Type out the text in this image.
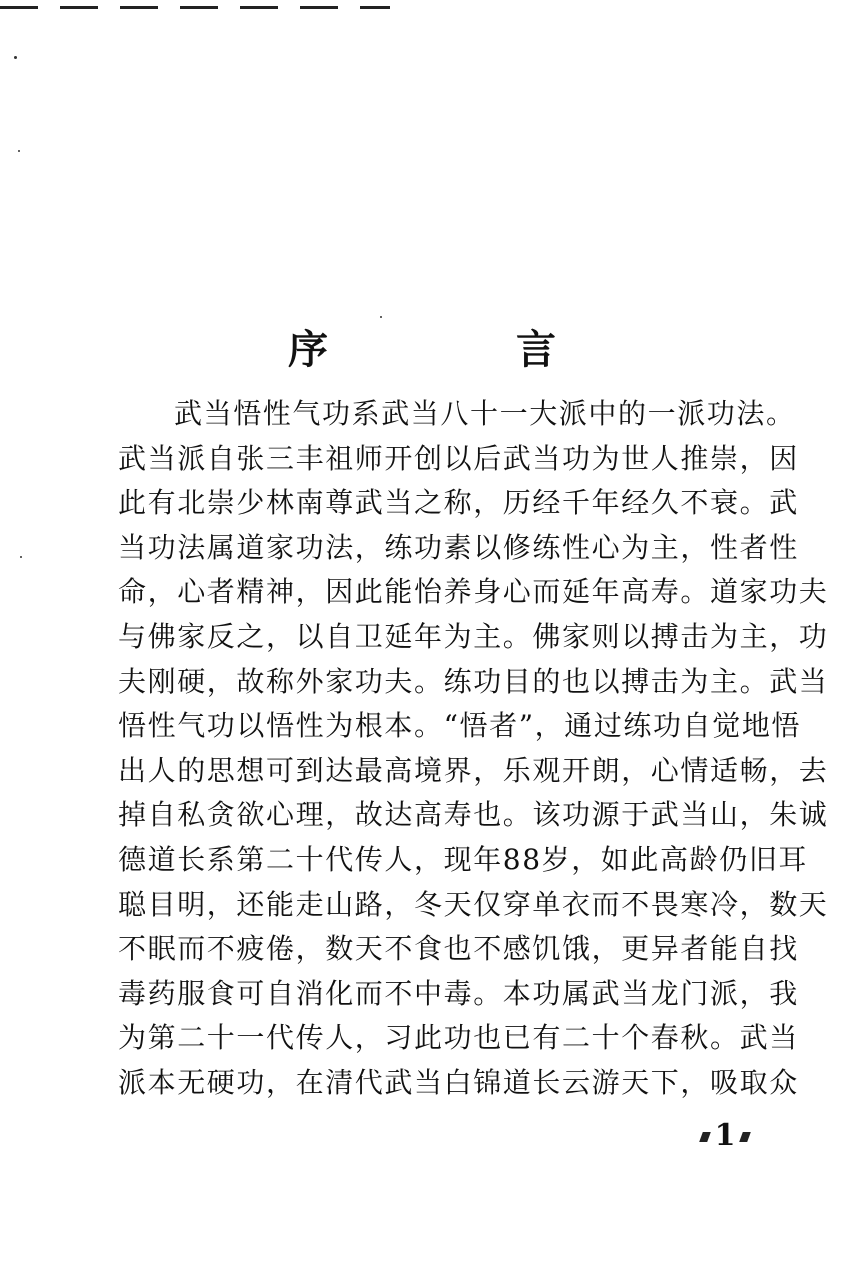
序　言
武当悟性气功系武当八十一大派中的一派功法。
武当派自张三丰祖师开创以后武当功为世人推崇，因
此有北崇少林南尊武当之称，历经千年经久不衰。武
当功法属道家功法，练功素以修练性心为主，性者性
命，心者精神，因此能怡养身心而延年高寿。道家功夫
与佛家反之，以自卫延年为主。佛家则以搏击为主，功
夫刚硬，故称外家功夫。练功目的也以搏击为主。武当
悟性气功以悟性为根本。“悟者”，通过练功自觉地悟
出人的思想可到达最高境界，乐观开朗，心情适畅，去
掉自私贪欲心理，故达高寿也。该功源于武当山，朱诚
德道长系第二十代传人，现年88岁，如此高龄仍旧耳
聪目明，还能走山路，冬天仅穿单衣而不畏寒冷，数天
不眠而不疲倦，数天不食也不感饥饿，更异者能自找
毒药服食可自消化而不中毒。本功属武当龙门派，我
为第二十一代传人，习此功也已有二十个春秋。武当
派本无硬功，在清代武当白锦道长云游天下，吸取众
1
